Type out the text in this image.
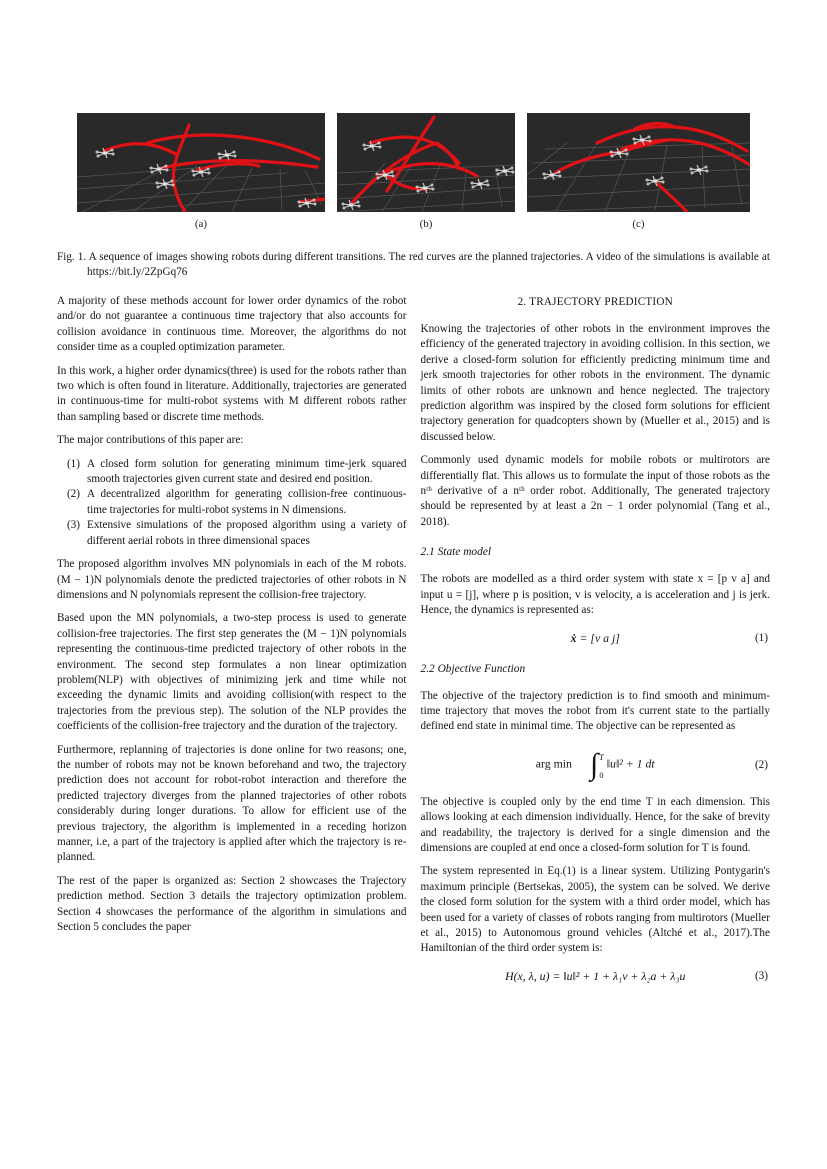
(a)	(b)	(c)
Fig. 1. A sequence of images showing robots during different transitions. The red curves are the planned trajectories. A video of the simulations is available at https://bit.ly/2ZpGq76

A majority of these methods account for lower order dynamics of the robot and/or do not guarantee a continuous time trajectory that also accounts for collision avoidance in continuous time. Moreover, the algorithms do not consider time as a coupled optimization parameter.

In this work, a higher order dynamics(three) is used for the robots rather than two which is often found in literature. Additionally, trajectories are generated in continuous-time for multi-robot systems with M different robots rather than sampling based or discrete time methods.

The major contributions of this paper are:

(1) A closed form solution for generating minimum time-jerk squared smooth trajectories given current state and desired end position.
(2) A decentralized algorithm for generating collision-free continuous-time trajectories for multi-robot systems in N dimensions.
(3) Extensive simulations of the proposed algorithm using a variety of different aerial robots in three dimensional spaces

The proposed algorithm involves MN polynomials in each of the M robots. (M − 1)N polynomials denote the predicted trajectories of other robots in N dimensions and N polynomials represent the collision-free trajectory.

Based upon the MN polynomials, a two-step process is used to generate collision-free trajectories. The first step generates the (M − 1)N polynomials representing the continuous-time predicted trajectory of other robots in the environment. The second step formulates a non linear optimization problem(NLP) with objectives of minimizing jerk and time while not exceeding the dynamic limits and avoiding collision(with respect to the trajectories from the previous step). The solution of the NLP provides the coefficients of the collision-free trajectory and the duration of the trajectory.

Furthermore, replanning of trajectories is done online for two reasons; one, the number of robots may not be known beforehand and two, the trajectory prediction does not account for robot-robot interaction and therefore the predicted trajectory diverges from the planned trajectories of other robots considerably during longer durations. To allow for efficient use of the previous trajectory, the algorithm is implemented in a receding horizon manner, i.e, a part of the trajectory is applied after which the trajectory is re-planned.

The rest of the paper is organized as: Section 2 showcases the Trajectory prediction method. Section 3 details the trajectory optimization problem. Section 4 showcases the performance of the algorithm in simulations and Section 5 concludes the paper

2. TRAJECTORY PREDICTION

Knowing the trajectories of other robots in the environment improves the efficiency of the generated trajectory in avoiding collision. In this section, we derive a closed-form solution for efficiently predicting minimum time and jerk smooth trajectories for other robots in the environment. The dynamic limits of other robots are unknown and hence neglected. The trajectory prediction algorithm was inspired by the closed form solutions for efficient trajectory generation for quadcopters shown by (Mueller et al., 2015) and is discussed below.

Commonly used dynamic models for mobile robots or multirotors are differentially flat. This allows us to formulate the input of those robots as the nᵗʰ derivative of a nᵗʰ order robot. Additionally, The generated trajectory should be represented by at least a 2n − 1 order polynomial (Tang et al., 2018).

2.1 State model

The robots are modelled as a third order system with state x = [p v a] and input u = [j], where p is position, v is velocity, a is acceleration and j is jerk. Hence, the dynamics is represented as:

ẋ = [v a j]	(1)
2.2 Objective Function

The objective of the trajectory prediction is to find smooth and minimum-time trajectory that moves the robot from it's current state to the partially defined end state in minimal time. The objective can be represented as

arg min ∫ T
0
‖u‖² + 1 dt	(2)

The objective is coupled only by the end time T in each dimension. This allows looking at each dimension individually. Hence, for the sake of brevity and readability, the trajectory is derived for a single dimension and the dimensions are coupled at end once a closed-form solution for T is found.

The system represented in Eq.(1) is a linear system. Utilizing Pontygarin's maximum principle (Bertsekas, 2005), the system can be solved. We derive the closed form solution for the system with a third order model, which has been used for a variety of classes of robots ranging from multirotors (Mueller et al., 2015) to Autonomous ground vehicles (Altché et al., 2017).The Hamiltonian of the third order system is:

H(x, λ, u) = ‖u‖² + 1 + λ₁v + λ₂a + λ₃u	(3)
